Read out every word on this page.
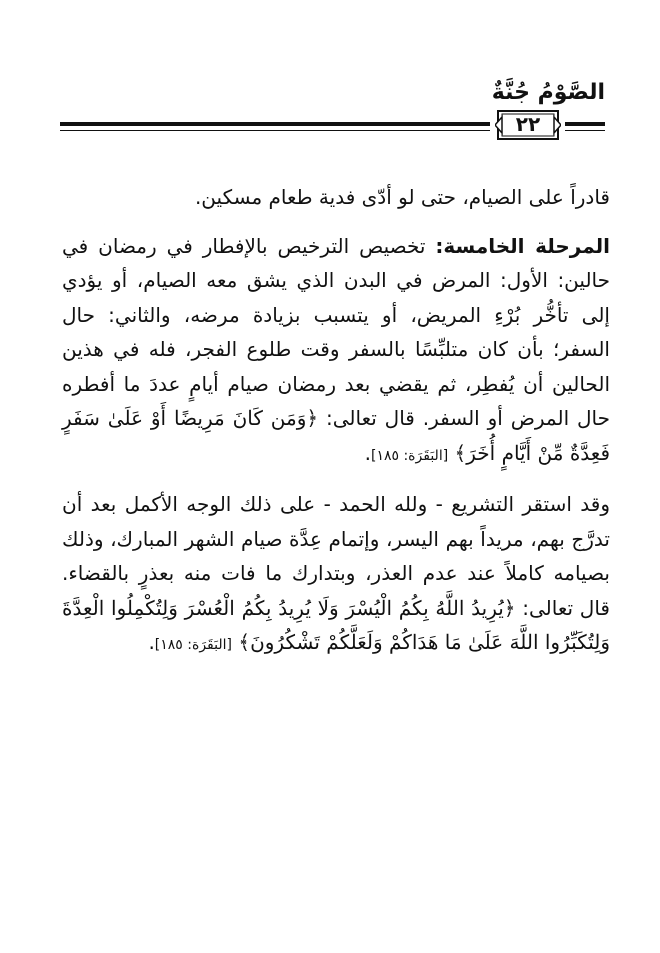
الصَّوْمُ جُنَّةٌ
٢٢

قادراً على الصيام، حتى لو أدّى فدية طعام مسكين.

المرحلة الخامسة: تخصيص الترخيص بالإفطار في رمضان في حالين: الأول: المرض في البدن الذي يشق معه الصيام، أو يؤدي إلى تأخُّر بُرْءِ المريض، أو يتسبب بزيادة مرضه، والثاني: حال السفر؛ بأن كان متلبِّسًا بالسفر وقت طلوع الفجر، فله في هذين الحالين أن يُفطِر، ثم يقضي بعد رمضان صيام أيامٍ عددَ ما أفطره حال المرض أو السفر. قال تعالى: ﴿وَمَن كَانَ مَرِيضًا أَوْ عَلَىٰ سَفَرٍ فَعِدَّةٌ مِّنْ أَيَّامٍ أُخَرَ﴾ [البَقَرَة: ١٨٥].

وقد استقر التشريع - ولله الحمد - على ذلك الوجه الأكمل بعد أن تدرَّج بهم، مريداً بهم اليسر، وإتمام عِدَّة صيام الشهر المبارك، وذلك بصيامه كاملاً عند عدم العذر، وبتدارك ما فات منه بعذرٍ بالقضاء. قال تعالى: ﴿يُرِيدُ اللَّهُ بِكُمُ الْيُسْرَ وَلَا يُرِيدُ بِكُمُ الْعُسْرَ وَلِتُكْمِلُوا الْعِدَّةَ وَلِتُكَبِّرُوا اللَّهَ عَلَىٰ مَا هَدَاكُمْ وَلَعَلَّكُمْ تَشْكُرُونَ﴾ [البَقَرَة: ١٨٥].
